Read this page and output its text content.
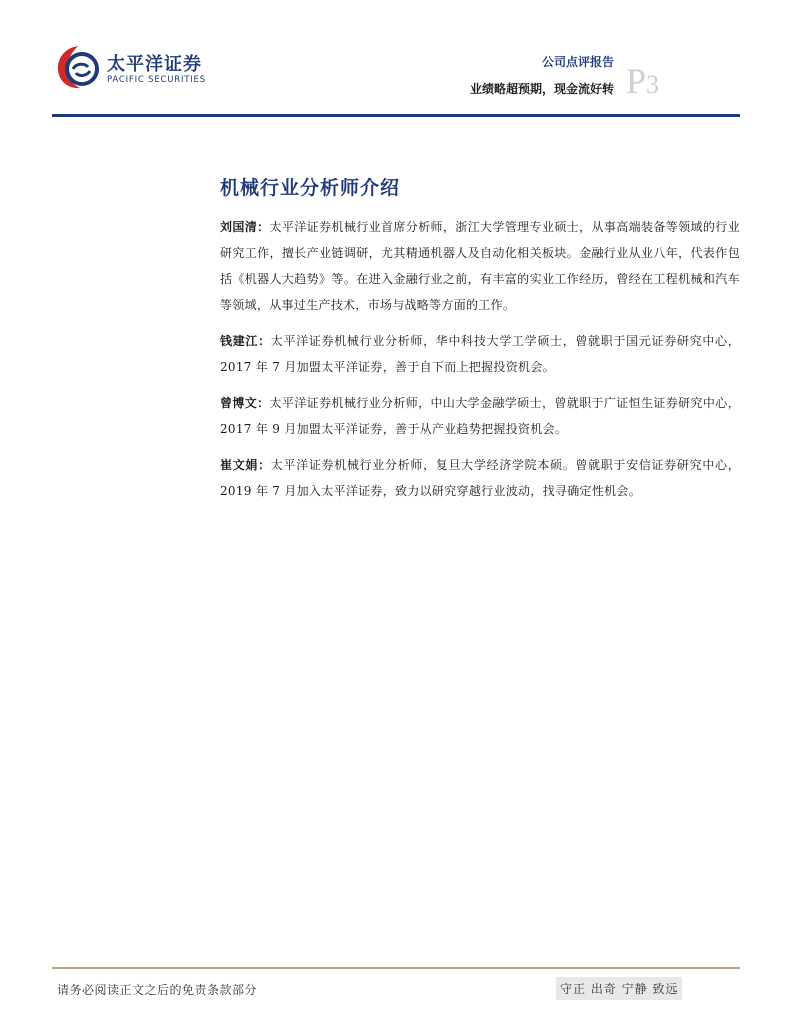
太平洋证券
PACIFIC SECURITIES
公司点评报告
业绩略超预期，现金流好转 P3
机械行业分析师介绍

刘国清：太平洋证券机械行业首席分析师，浙江大学管理专业硕士，从事高端装备等领域的行业研究工作，擅长产业链调研，尤其精通机器人及自动化相关板块。金融行业从业八年，代表作包括《机器人大趋势》等。在进入金融行业之前，有丰富的实业工作经历，曾经在工程机械和汽车等领域，从事过生产技术，市场与战略等方面的工作。

钱建江：太平洋证券机械行业分析师，华中科技大学工学硕士，曾就职于国元证券研究中心，2017 年 7 月加盟太平洋证券，善于自下而上把握投资机会。

曾博文：太平洋证券机械行业分析师，中山大学金融学硕士，曾就职于广证恒生证券研究中心，2017 年 9 月加盟太平洋证券，善于从产业趋势把握投资机会。

崔文娟：太平洋证券机械行业分析师，复旦大学经济学院本硕。曾就职于安信证券研究中心，2019 年 7 月加入太平洋证券，致力以研究穿越行业波动，找寻确定性机会。

请务必阅读正文之后的免责条款部分	守正 出奇 宁静 致远
